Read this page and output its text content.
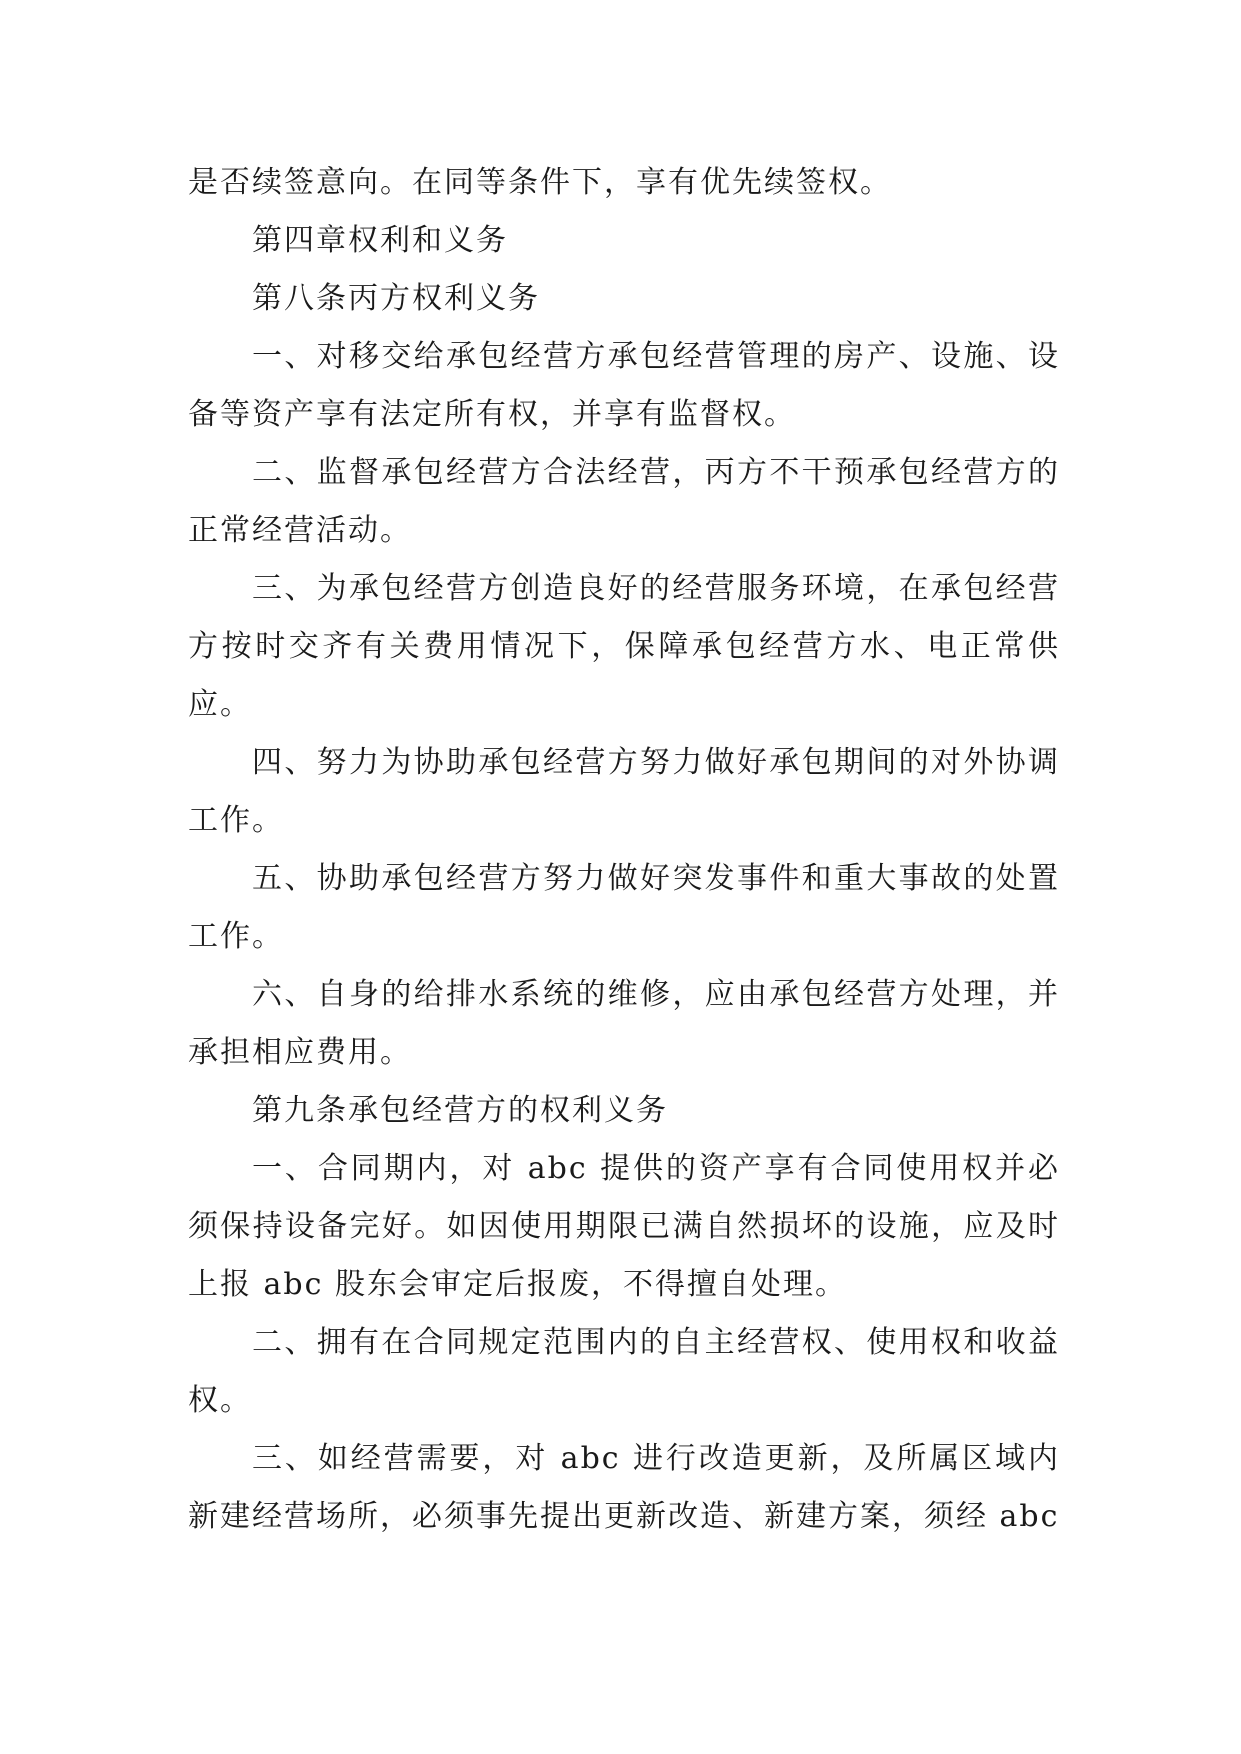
是否续签意向。在同等条件下，享有优先续签权。

第四章权利和义务

第八条丙方权利义务

一、对移交给承包经营方承包经营管理的房产、设施、设备等资产享有法定所有权，并享有监督权。

二、监督承包经营方合法经营，丙方不干预承包经营方的正常经营活动。

三、为承包经营方创造良好的经营服务环境，在承包经营方按时交齐有关费用情况下，保障承包经营方水、电正常供应。

四、努力为协助承包经营方努力做好承包期间的对外协调工作。

五、协助承包经营方努力做好突发事件和重大事故的处置工作。

六、自身的给排水系统的维修，应由承包经营方处理，并承担相应费用。

第九条承包经营方的权利义务

一、合同期内，对 abc 提供的资产享有合同使用权并必须保持设备完好。如因使用期限已满自然损坏的设施，应及时上报 abc 股东会审定后报废，不得擅自处理。

二、拥有在合同规定范围内的自主经营权、使用权和收益权。

三、如经营需要，对 abc 进行改造更新，及所属区域内新建经营场所，必须事先提出更新改造、新建方案，须经 abc
